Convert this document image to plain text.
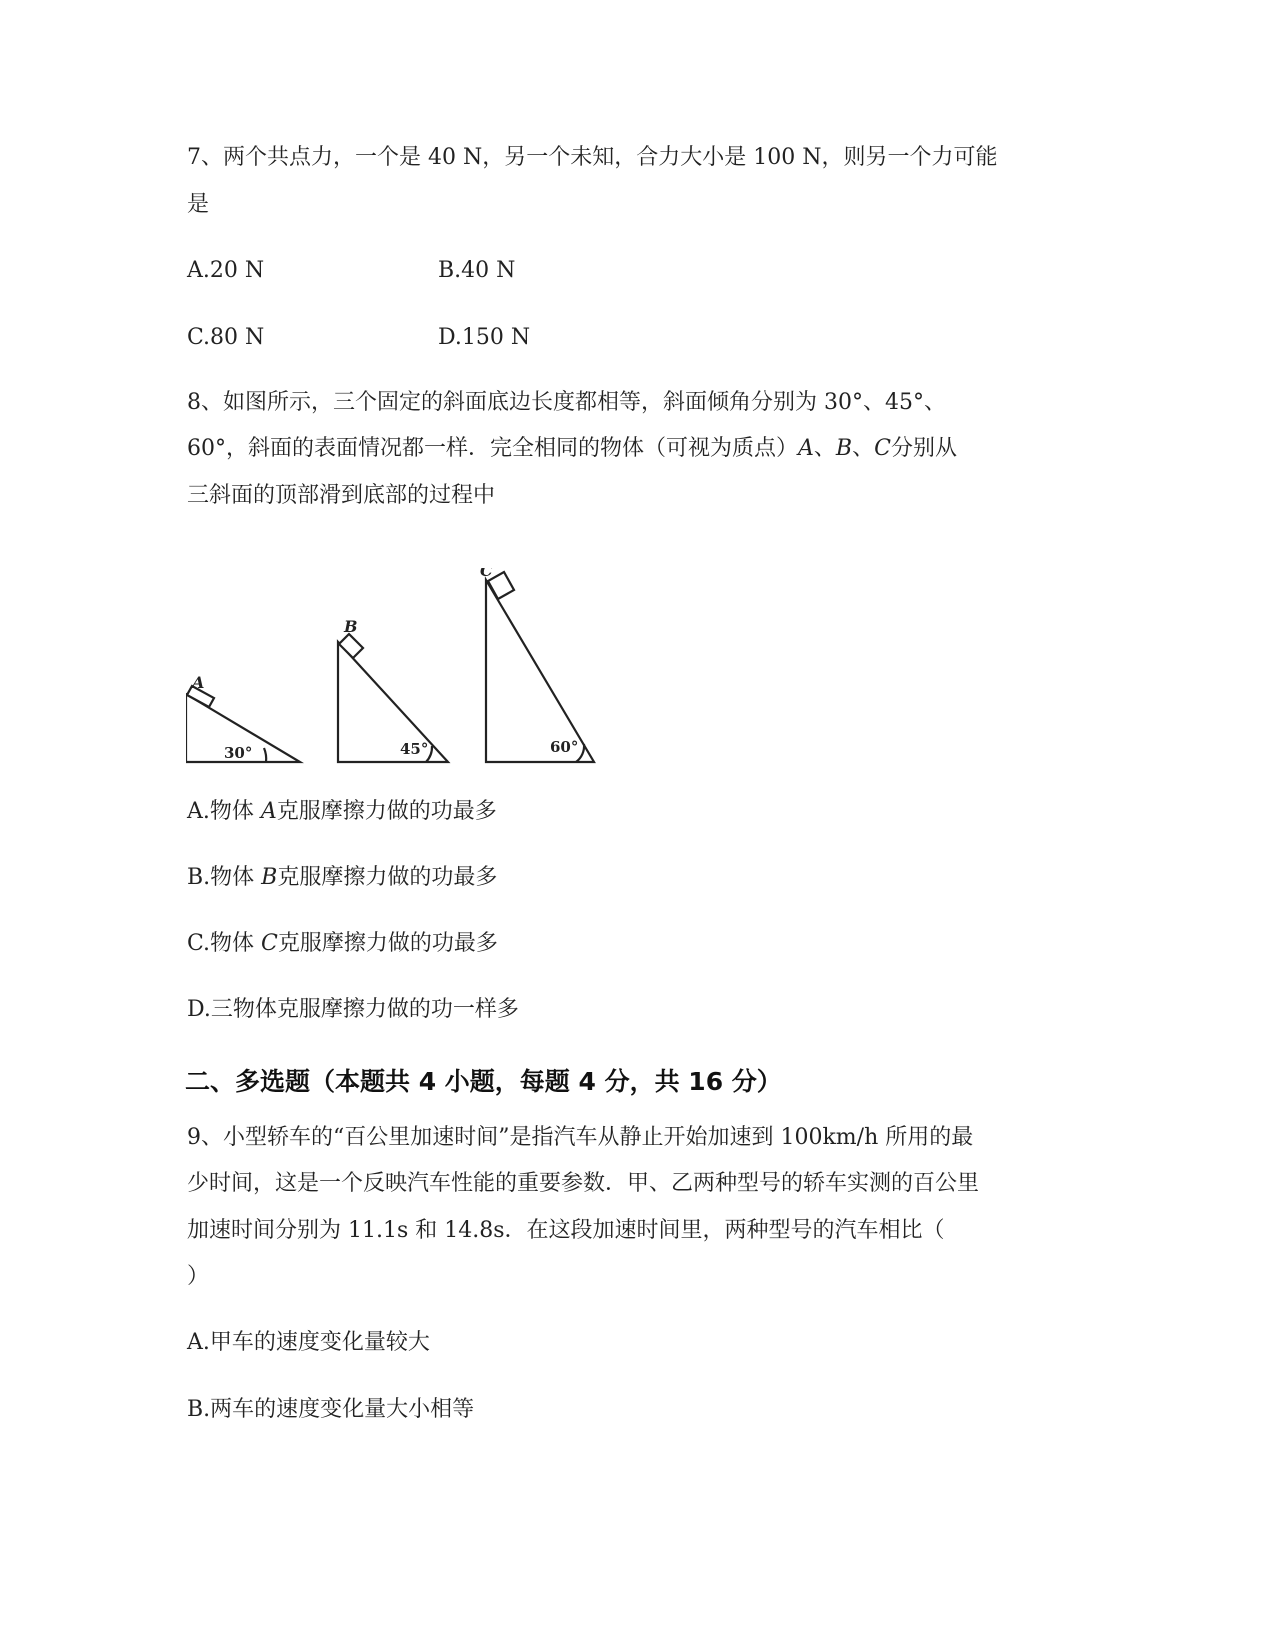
7、两个共点力，一个是 40 N，另一个未知，合力大小是 100 N，则另一个力可能
是
A.20 N	B.40 N
C.80 N	D.150 N
8、如图所示，三个固定的斜面底边长度都相等，斜面倾角分别为 30°、45°、
60°，斜面的表面情况都一样．完全相同的物体（可视为质点）A、B、C分别从
三斜面的顶部滑到底部的过程中
A
B
C
30°	45°	60°
A.物体 A克服摩擦力做的功最多
B.物体 B克服摩擦力做的功最多
C.物体 C克服摩擦力做的功最多
D.三物体克服摩擦力做的功一样多
二、多选题（本题共 4 小题，每题 4 分，共 16 分）
9、小型轿车的“百公里加速时间”是指汽车从静止开始加速到 100km/h 所用的最
少时间，这是一个反映汽车性能的重要参数．甲、乙两种型号的轿车实测的百公里
加速时间分别为 11.1s 和 14.8s．在这段加速时间里，两种型号的汽车相比（
）
A.甲车的速度变化量较大
B.两车的速度变化量大小相等
